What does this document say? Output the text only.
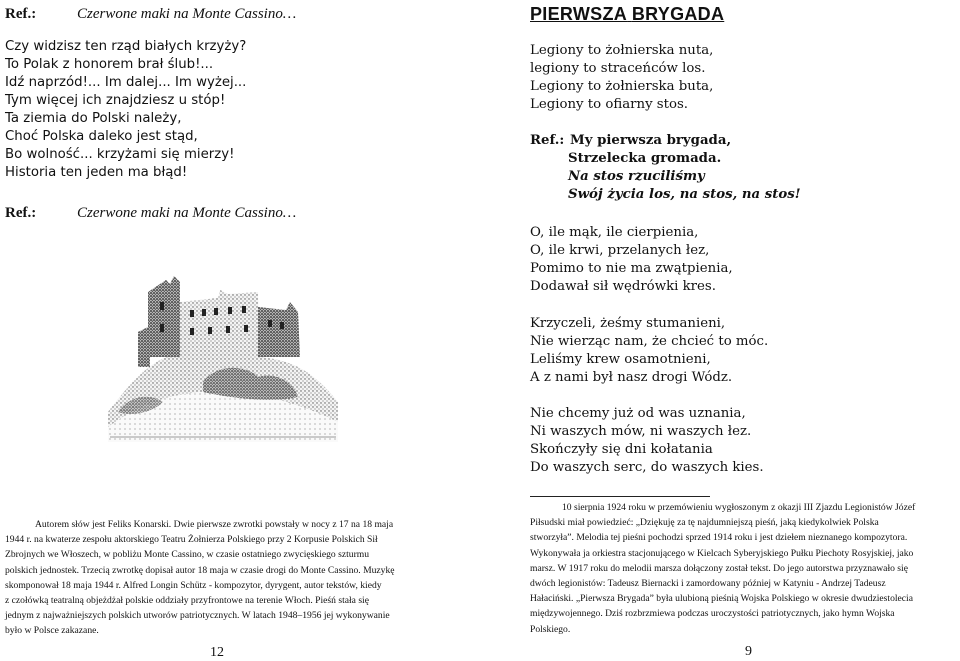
Ref.:	Czerwone maki na Monte Cassino…
Czy widzisz ten rząd białych krzyży?
To Polak z honorem brał ślub!...
Idź naprzód!... Im dalej... Im wyżej...
Tym więcej ich znajdziesz u stóp!
Ta ziemia do Polski należy,
Choć Polska daleko jest stąd,
Bo wolność... krzyżami się mierzy!
Historia ten jeden ma błąd!
Ref.:	Czerwone maki na Monte Cassino…
Autorem słów jest Feliks Konarski. Dwie pierwsze zwrotki powstały w nocy z 17 na 18 maja
1944 r. na kwaterze zespołu aktorskiego Teatru Żołnierza Polskiego przy 2 Korpusie Polskich Sił
Zbrojnych we Włoszech, w pobliżu Monte Cassino, w czasie ostatniego zwycięskiego szturmu
polskich jednostek. Trzecią zwrotkę dopisał autor 18 maja w czasie drogi do Monte Cassino. Muzykę
skomponował 18 maja 1944 r. Alfred Longin Schütz - kompozytor, dyrygent, autor tekstów, kiedy
z czołówką teatralną objeżdżał polskie oddziały przyfrontowe na terenie Włoch. Pieśń stała się
jednym z najważniejszych polskich utworów patriotycznych. W latach 1948–1956 jej wykonywanie
było w Polsce zakazane.
12
PIERWSZA BRYGADA
Legiony to żołnierska nuta,
legiony to straceńców los.
Legiony to żołnierska buta,
Legiony to ofiarny stos.
Ref.: My pierwsza brygada,
Strzelecka gromada.
Na stos rzuciliśmy
Swój życia los, na stos, na stos!
O, ile mąk, ile cierpienia,
O, ile krwi, przelanych łez,
Pomimo to nie ma zwątpienia,
Dodawał sił wędrówki kres.
Krzyczeli, żeśmy stumanieni,
Nie wierząc nam, że chcieć to móc.
Leliśmy krew osamotnieni,
A z nami był nasz drogi Wódz.
Nie chcemy już od was uznania,
Ni waszych mów, ni waszych łez.
Skończyły się dni kołatania
Do waszych serc, do waszych kies.
10 sierpnia 1924 roku w przemówieniu wygłoszonym z okazji III Zjazdu Legionistów Józef
Piłsudski miał powiedzieć: „Dziękuję za tę najdumniejszą pieśń, jaką kiedykolwiek Polska
stworzyła”. Melodia tej pieśni pochodzi sprzed 1914 roku i jest dziełem nieznanego kompozytora.
Wykonywała ja orkiestra stacjonującego w Kielcach Syberyjskiego Pułku Piechoty Rosyjskiej, jako
marsz. W 1917 roku do melodii marsza dołączony został tekst. Do jego autorstwa przyznawało się
dwóch legionistów: Tadeusz Biernacki i zamordowany później w Katyniu - Andrzej Tadeusz
Hałaciński. „Pierwsza Brygada” była ulubioną pieśnią Wojska Polskiego w okresie dwudziestolecia
międzywojennego. Dziś rozbrzmiewa podczas uroczystości patriotycznych, jako hymn Wojska
Polskiego.
9
